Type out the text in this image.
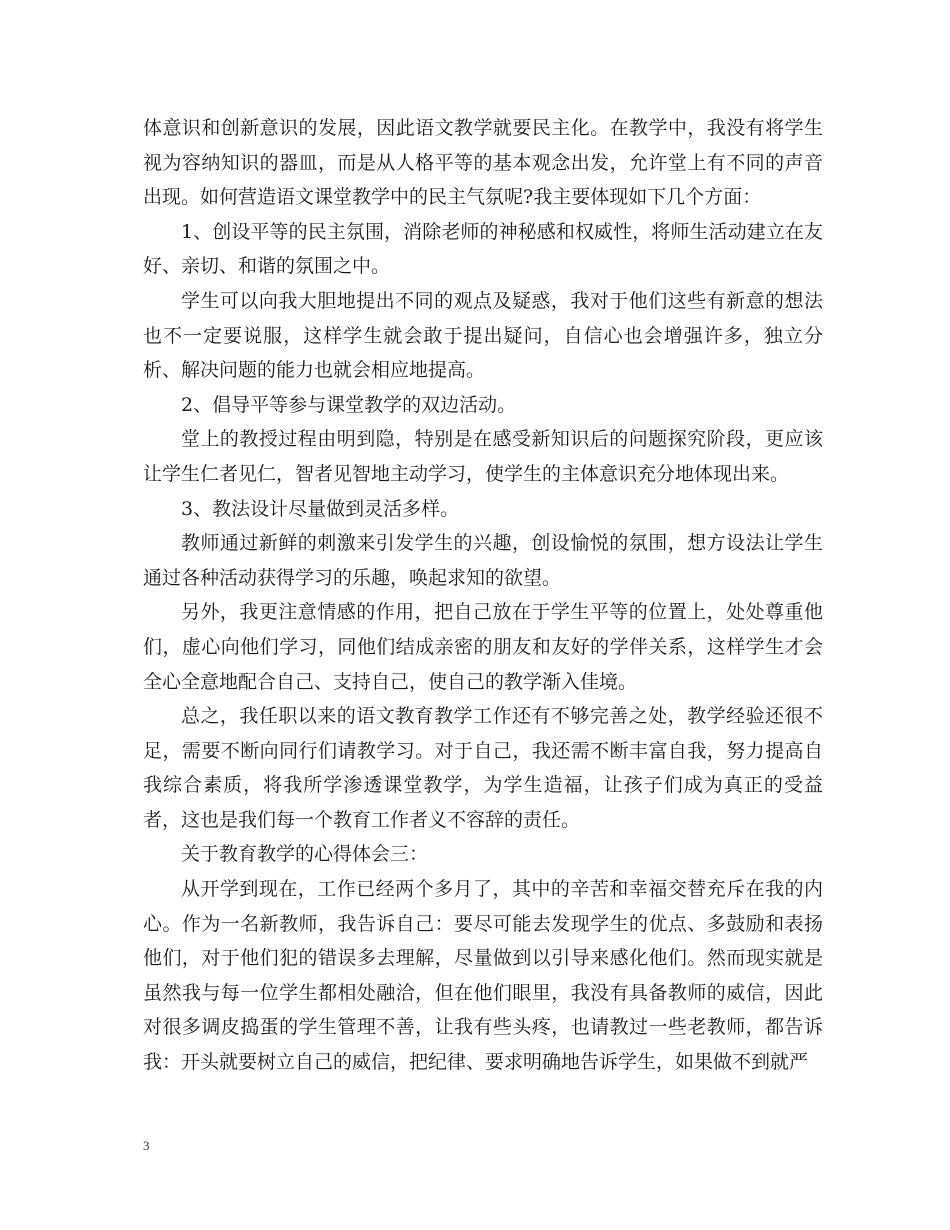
体意识和创新意识的发展，因此语文教学就要民主化。在教学中，我没有将学生视为容纳知识的器皿，而是从人格平等的基本观念出发，允许堂上有不同的声音出现。如何营造语文课堂教学中的民主气氛呢?我主要体现如下几个方面：

1、创设平等的民主氛围，消除老师的神秘感和权威性，将师生活动建立在友好、亲切、和谐的氛围之中。

学生可以向我大胆地提出不同的观点及疑惑，我对于他们这些有新意的想法也不一定要说服，这样学生就会敢于提出疑问，自信心也会增强许多，独立分析、解决问题的能力也就会相应地提高。

2、倡导平等参与课堂教学的双边活动。

堂上的教授过程由明到隐，特别是在感受新知识后的问题探究阶段，更应该让学生仁者见仁，智者见智地主动学习，使学生的主体意识充分地体现出来。

3、教法设计尽量做到灵活多样。

教师通过新鲜的刺激来引发学生的兴趣，创设愉悦的氛围，想方设法让学生通过各种活动获得学习的乐趣，唤起求知的欲望。

另外，我更注意情感的作用，把自己放在于学生平等的位置上，处处尊重他们，虚心向他们学习，同他们结成亲密的朋友和友好的学伴关系，这样学生才会全心全意地配合自己、支持自己，使自己的教学渐入佳境。

总之，我任职以来的语文教育教学工作还有不够完善之处，教学经验还很不足，需要不断向同行们请教学习。对于自己，我还需不断丰富自我，努力提高自我综合素质，将我所学渗透课堂教学，为学生造福，让孩子们成为真正的受益者，这也是我们每一个教育工作者义不容辞的责任。

关于教育教学的心得体会三：

从开学到现在，工作已经两个多月了，其中的辛苦和幸福交替充斥在我的内心。作为一名新教师，我告诉自己：要尽可能去发现学生的优点、多鼓励和表扬他们，对于他们犯的错误多去理解，尽量做到以引导来感化他们。然而现实就是虽然我与每一位学生都相处融洽，但在他们眼里，我没有具备教师的威信，因此对很多调皮捣蛋的学生管理不善，让我有些头疼，也请教过一些老教师，都告诉我：开头就要树立自己的威信，把纪律、要求明确地告诉学生，如果做不到就严

3
